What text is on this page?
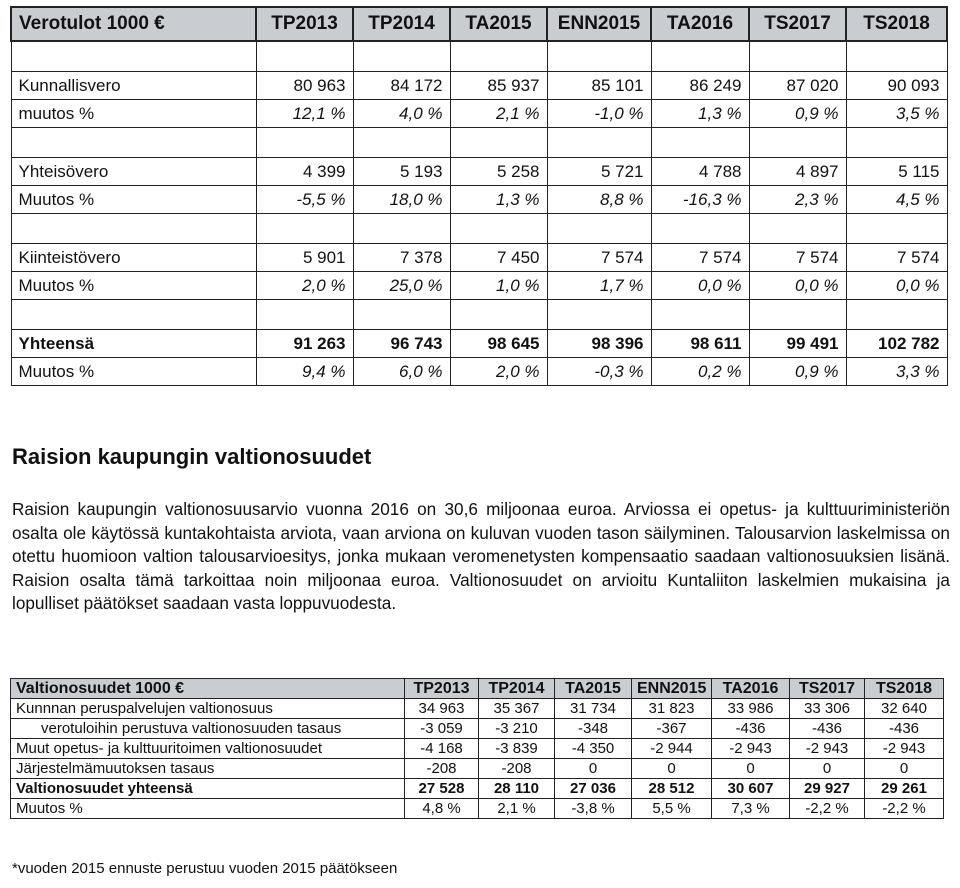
Verotulot 1000 €	TP2013	TP2014	TA2015	ENN2015	TA2016	TS2017	TS2018

Kunnallisvero	80 963	84 172	85 937	85 101	86 249	87 020	90 093
muutos %	12,1 %	4,0 %	2,1 %	-1,0 %	1,3 %	0,9 %	3,5 %

Yhteisövero	4 399	5 193	5 258	5 721	4 788	4 897	5 115
Muutos %	-5,5 %	18,0 %	1,3 %	8,8 %	-16,3 %	2,3 %	4,5 %

Kiinteistövero	5 901	7 378	7 450	7 574	7 574	7 574	7 574
Muutos %	2,0 %	25,0 %	1,0 %	1,7 %	0,0 %	0,0 %	0,0 %

Yhteensä	91 263	96 743	98 645	98 396	98 611	99 491	102 782
Muutos %	9,4 %	6,0 %	2,0 %	-0,3 %	0,2 %	0,9 %	3,3 %
Raision kaupungin valtionosuudet

Raision kaupungin valtionosuusarvio vuonna 2016 on 30,6 miljoonaa euroa. Arviossa ei opetus- ja kulttuuriministeriön osalta ole käytössä kuntakohtaista arviota, vaan arviona on kuluvan vuoden tason säilyminen. Talousarvion laskelmissa on otettu huomioon valtion talousarvioesitys, jonka mukaan veromenetysten kompensaatio saadaan valtionosuuksien lisänä. Raision osalta tämä tarkoittaa noin miljoonaa euroa. Valtionosuudet on arvioitu Kuntaliiton laskelmien mukaisina ja lopulliset päätökset saadaan vasta loppuvuodesta.

Valtionosuudet 1000 €	TP2013	TP2014	TA2015	ENN2015	TA2016	TS2017	TS2018
Kunnnan peruspalvelujen valtionosuus	34 963	35 367	31 734	31 823	33 986	33 306	32 640
verotuloihin perustuva valtionosuuden tasaus	-3 059	-3 210	-348	-367	-436	-436	-436
Muut opetus- ja kulttuuritoimen valtionosuudet	-4 168	-3 839	-4 350	-2 944	-2 943	-2 943	-2 943
Järjestelmämuutoksen tasaus	-208	-208	0	0	0	0	0
Valtionosuudet yhteensä	27 528	28 110	27 036	28 512	30 607	29 927	29 261
Muutos %	4,8 %	2,1 %	-3,8 %	5,5 %	7,3 %	-2,2 %	-2,2 %

*vuoden 2015 ennuste perustuu vuoden 2015 päätökseen
